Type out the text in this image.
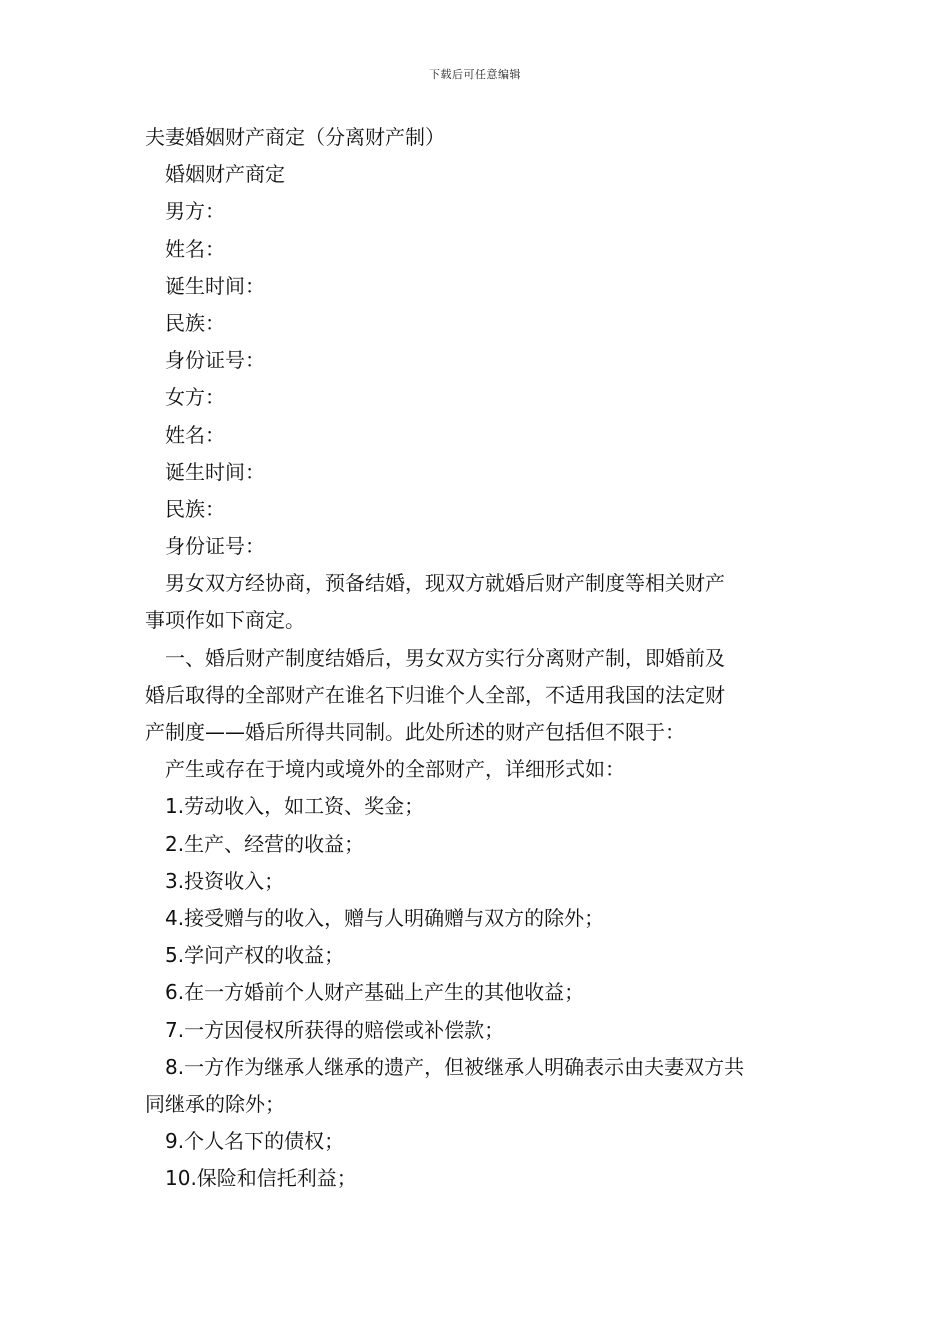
下载后可任意编辑
夫妻婚姻财产商定（分离财产制）
婚姻财产商定
男方：
姓名：
诞生时间：
民族：
身份证号：
女方：
姓名：
诞生时间：
民族：
身份证号：
男女双方经协商，预备结婚，现双方就婚后财产制度等相关财产
事项作如下商定。
一、婚后财产制度结婚后，男女双方实行分离财产制，即婚前及
婚后取得的全部财产在谁名下归谁个人全部，不适用我国的法定财
产制度——婚后所得共同制。此处所述的财产包括但不限于：
产生或存在于境内或境外的全部财产，详细形式如：
1.劳动收入，如工资、奖金；
2.生产、经营的收益；
3.投资收入；
4.接受赠与的收入，赠与人明确赠与双方的除外；
5.学问产权的收益；
6.在一方婚前个人财产基础上产生的其他收益；
7.一方因侵权所获得的赔偿或补偿款；
8.一方作为继承人继承的遗产，但被继承人明确表示由夫妻双方共
同继承的除外；
9.个人名下的债权；
10.保险和信托利益；
